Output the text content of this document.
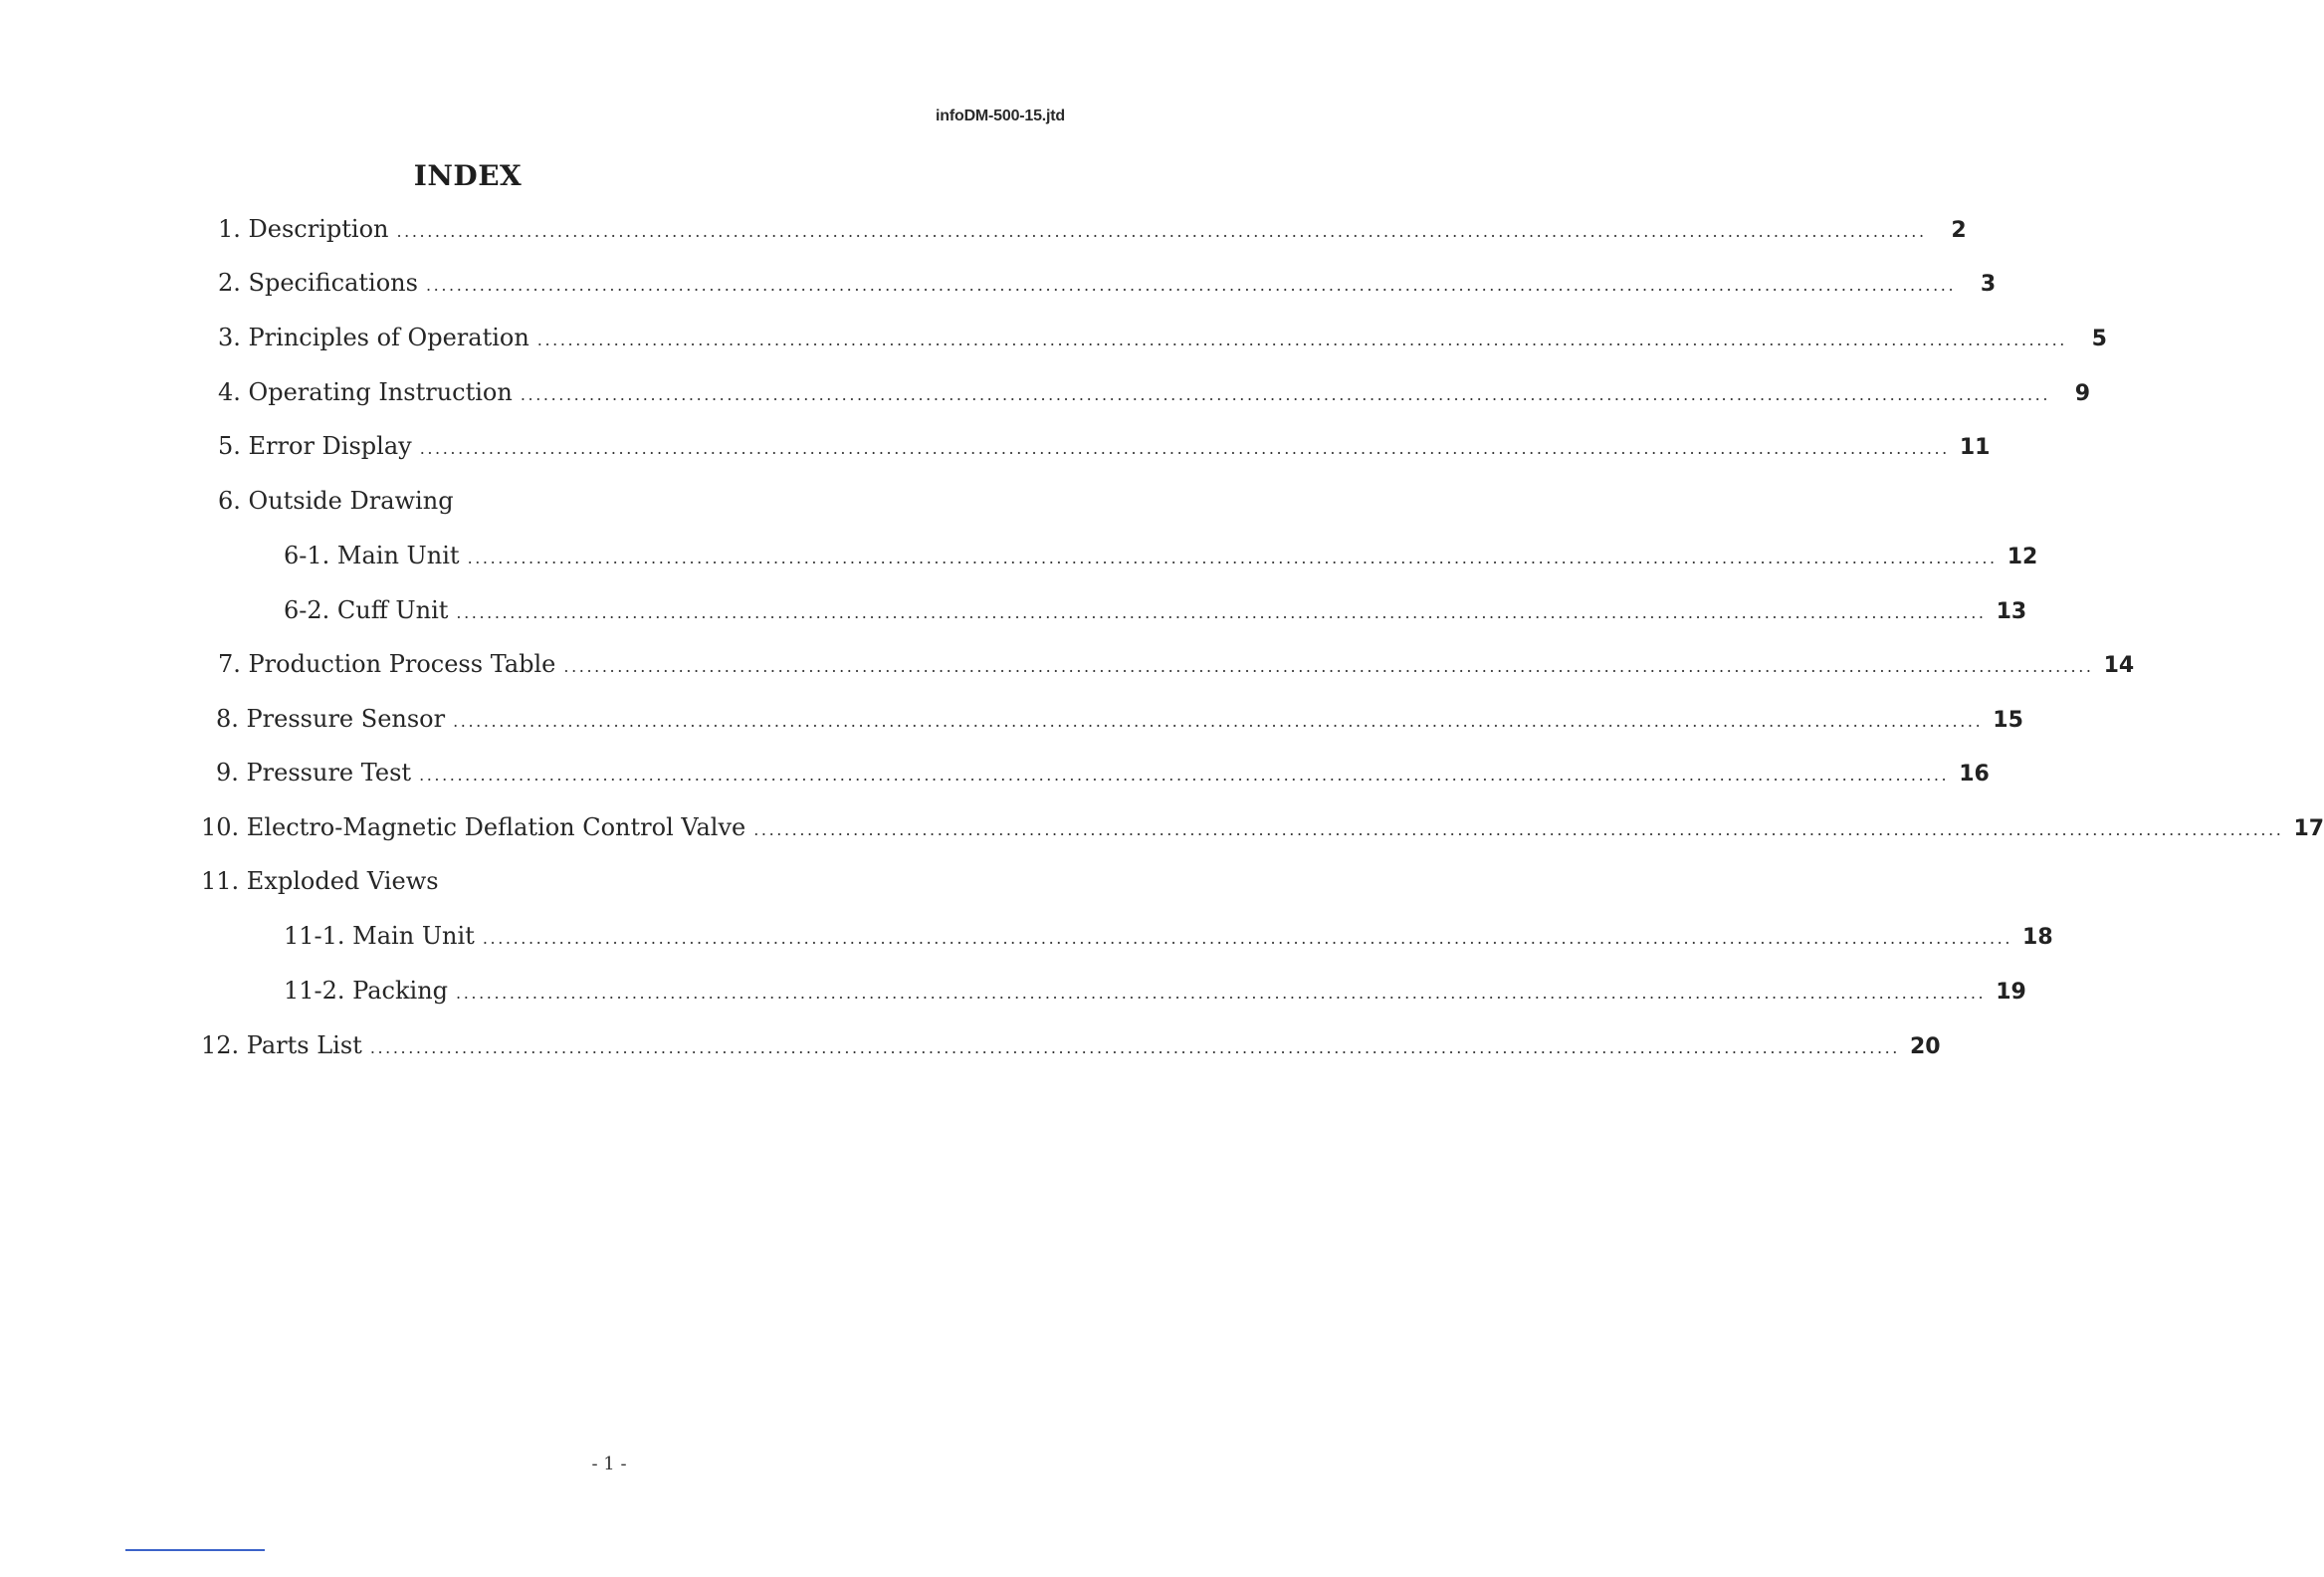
infoDM-500-15.jtd
INDEX
1. Description ........................................................................................................................................................................................................	2
2. Specifications ........................................................................................................................................................................................................	3
3. Principles of Operation ........................................................................................................................................................................................................	5
4. Operating Instruction ........................................................................................................................................................................................................	9
5. Error Display ........................................................................................................................................................................................................ 11
6. Outside Drawing
6-1. Main Unit ........................................................................................................................................................................................................ 12
6-2. Cuff Unit ........................................................................................................................................................................................................ 13
7. Production Process Table ........................................................................................................................................................................................................ 14
8. Pressure Sensor ........................................................................................................................................................................................................ 15
9. Pressure Test ........................................................................................................................................................................................................ 16
10. Electro-Magnetic Deflation Control Valve ........................................................................................................................................................................................................ 17
11. Exploded Views
11-1. Main Unit ........................................................................................................................................................................................................ 18
11-2. Packing ........................................................................................................................................................................................................ 19
12. Parts List ........................................................................................................................................................................................................ 20
- 1 -
